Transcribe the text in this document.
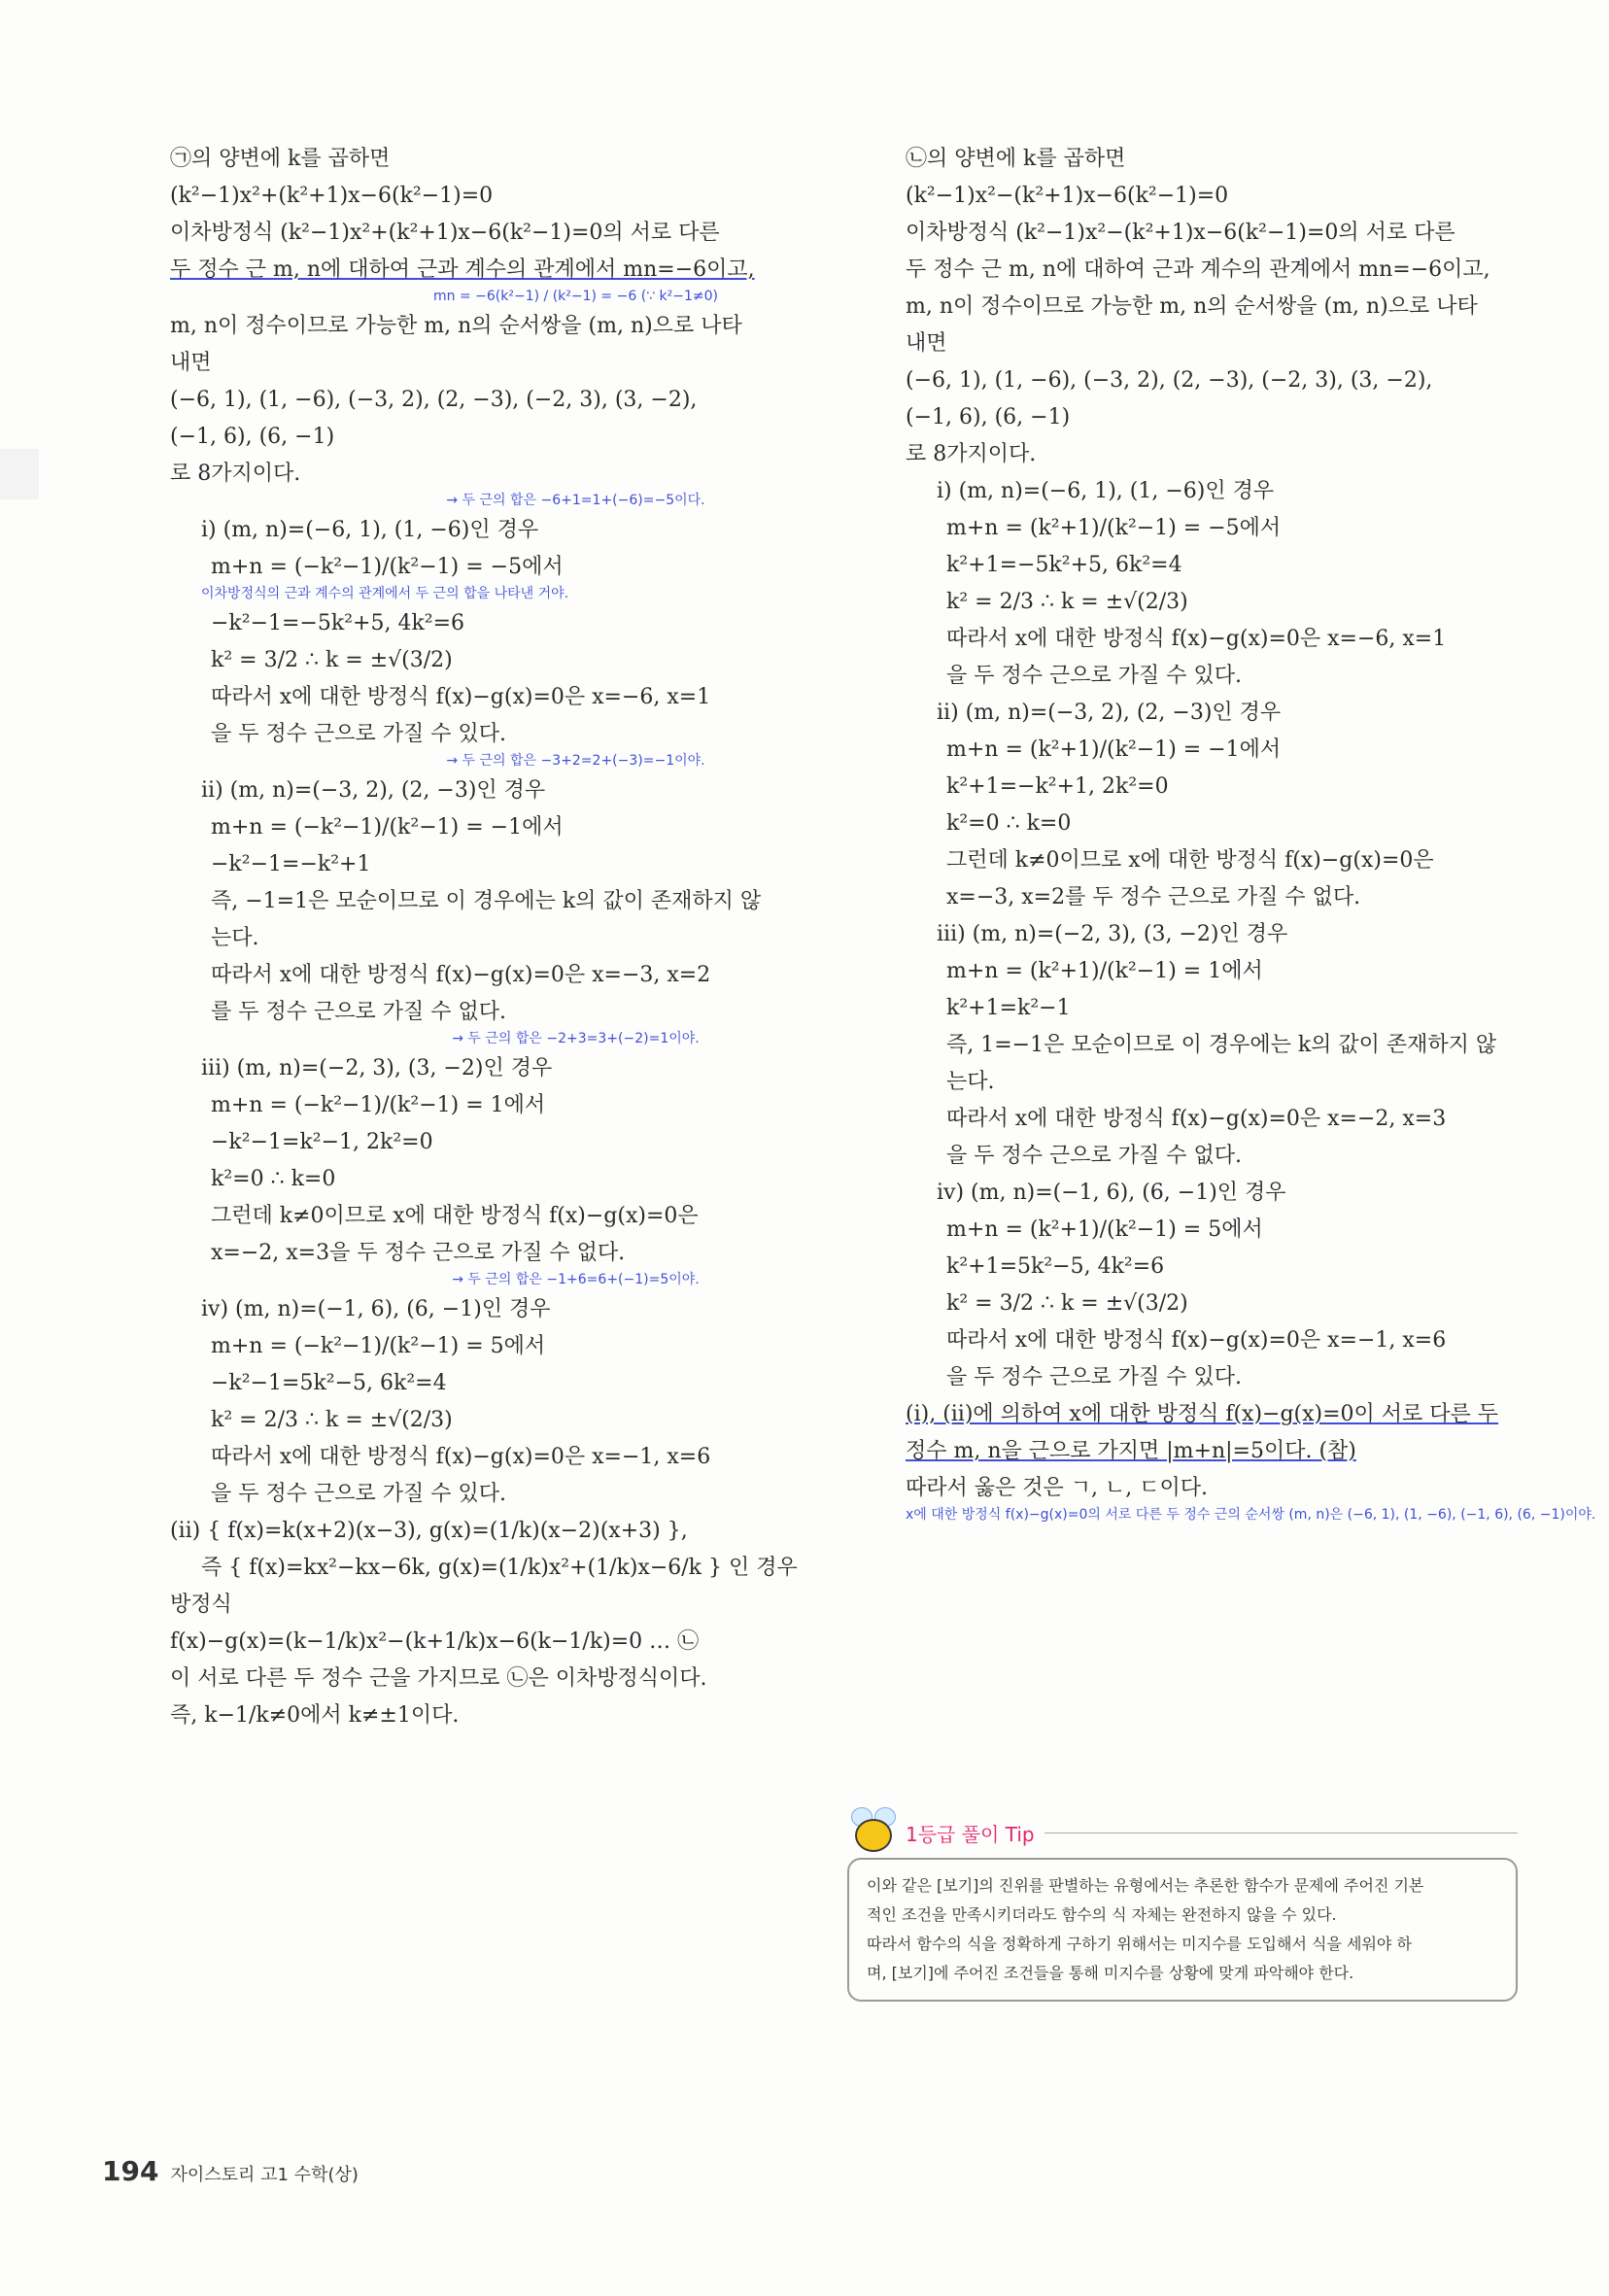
㉠의 양변에 k를 곱하면
(k²−1)x²+(k²+1)x−6(k²−1)=0
이차방정식 (k²−1)x²+(k²+1)x−6(k²−1)=0의 서로 다른
두 정수 근 m, n에 대하여 근과 계수의 관계에서 mn=−6이고,
mn = −6(k²−1) / (k²−1) = −6 (∵ k²−1≠0)
m, n이 정수이므로 가능한 m, n의 순서쌍을 (m, n)으로 나타
내면
(−6, 1), (1, −6), (−3, 2), (2, −3), (−2, 3), (3, −2),
(−1, 6), (6, −1)
로 8가지이다.
→ 두 근의 합은 −6+1=1+(−6)=−5이다.
ⅰ) (m, n)=(−6, 1), (1, −6)인 경우
m+n = (−k²−1)/(k²−1) = −5에서
이차방정식의 근과 계수의 관계에서 두 근의 합을 나타낸 거야.
−k²−1=−5k²+5, 4k²=6
k² = 3/2 ∴ k = ±√(3/2)
따라서 x에 대한 방정식 f(x)−g(x)=0은 x=−6, x=1
을 두 정수 근으로 가질 수 있다.
→ 두 근의 합은 −3+2=2+(−3)=−1이야.
ⅱ) (m, n)=(−3, 2), (2, −3)인 경우
m+n = (−k²−1)/(k²−1) = −1에서
−k²−1=−k²+1
즉, −1=1은 모순이므로 이 경우에는 k의 값이 존재하지 않
는다.
따라서 x에 대한 방정식 f(x)−g(x)=0은 x=−3, x=2
를 두 정수 근으로 가질 수 없다.
→ 두 근의 합은 −2+3=3+(−2)=1이야.
ⅲ) (m, n)=(−2, 3), (3, −2)인 경우
m+n = (−k²−1)/(k²−1) = 1에서
−k²−1=k²−1, 2k²=0
k²=0 ∴ k=0
그런데 k≠0이므로 x에 대한 방정식 f(x)−g(x)=0은
x=−2, x=3을 두 정수 근으로 가질 수 없다.
→ 두 근의 합은 −1+6=6+(−1)=5이야.
ⅳ) (m, n)=(−1, 6), (6, −1)인 경우
m+n = (−k²−1)/(k²−1) = 5에서
−k²−1=5k²−5, 6k²=4
k² = 2/3 ∴ k = ±√(2/3)
따라서 x에 대한 방정식 f(x)−g(x)=0은 x=−1, x=6
을 두 정수 근으로 가질 수 있다.
(ⅱ) { f(x)=k(x+2)(x−3), g(x)=(1/k)(x−2)(x+3) },
즉 { f(x)=kx²−kx−6k, g(x)=(1/k)x²+(1/k)x−6/k } 인 경우
방정식
f(x)−g(x)=(k−1/k)x²−(k+1/k)x−6(k−1/k)=0 … ㉡
이 서로 다른 두 정수 근을 가지므로 ㉡은 이차방정식이다.
즉, k−1/k≠0에서 k≠±1이다.
㉡의 양변에 k를 곱하면
(k²−1)x²−(k²+1)x−6(k²−1)=0
이차방정식 (k²−1)x²−(k²+1)x−6(k²−1)=0의 서로 다른
두 정수 근 m, n에 대하여 근과 계수의 관계에서 mn=−6이고,
m, n이 정수이므로 가능한 m, n의 순서쌍을 (m, n)으로 나타
내면
(−6, 1), (1, −6), (−3, 2), (2, −3), (−2, 3), (3, −2),
(−1, 6), (6, −1)
로 8가지이다.
ⅰ) (m, n)=(−6, 1), (1, −6)인 경우
m+n = (k²+1)/(k²−1) = −5에서
k²+1=−5k²+5, 6k²=4
k² = 2/3 ∴ k = ±√(2/3)
따라서 x에 대한 방정식 f(x)−g(x)=0은 x=−6, x=1
을 두 정수 근으로 가질 수 있다.
ⅱ) (m, n)=(−3, 2), (2, −3)인 경우
m+n = (k²+1)/(k²−1) = −1에서
k²+1=−k²+1, 2k²=0
k²=0 ∴ k=0
그런데 k≠0이므로 x에 대한 방정식 f(x)−g(x)=0은
x=−3, x=2를 두 정수 근으로 가질 수 없다.
ⅲ) (m, n)=(−2, 3), (3, −2)인 경우
m+n = (k²+1)/(k²−1) = 1에서
k²+1=k²−1
즉, 1=−1은 모순이므로 이 경우에는 k의 값이 존재하지 않
는다.
따라서 x에 대한 방정식 f(x)−g(x)=0은 x=−2, x=3
을 두 정수 근으로 가질 수 없다.
ⅳ) (m, n)=(−1, 6), (6, −1)인 경우
m+n = (k²+1)/(k²−1) = 5에서
k²+1=5k²−5, 4k²=6
k² = 3/2 ∴ k = ±√(3/2)
따라서 x에 대한 방정식 f(x)−g(x)=0은 x=−1, x=6
을 두 정수 근으로 가질 수 있다.
(ⅰ), (ⅱ)에 의하여 x에 대한 방정식 f(x)−g(x)=0이 서로 다른 두
정수 m, n을 근으로 가지면 |m+n|=5이다. (참)
따라서 옳은 것은 ㄱ, ㄴ, ㄷ이다.
x에 대한 방정식 f(x)−g(x)=0의 서로 다른 두 정수 근의 순서쌍 (m, n)은 (−6, 1), (1, −6), (−1, 6), (6, −1)이야.
1등급 풀이 Tip
이와 같은 [보기]의 진위를 판별하는 유형에서는 추론한 함수가 문제에 주어진 기본
적인 조건을 만족시키더라도 함수의 식 자체는 완전하지 않을 수 있다.
따라서 함수의 식을 정확하게 구하기 위해서는 미지수를 도입해서 식을 세워야 하
며, [보기]에 주어진 조건들을 통해 미지수를 상황에 맞게 파악해야 한다.
194 자이스토리 고1 수학(상)
